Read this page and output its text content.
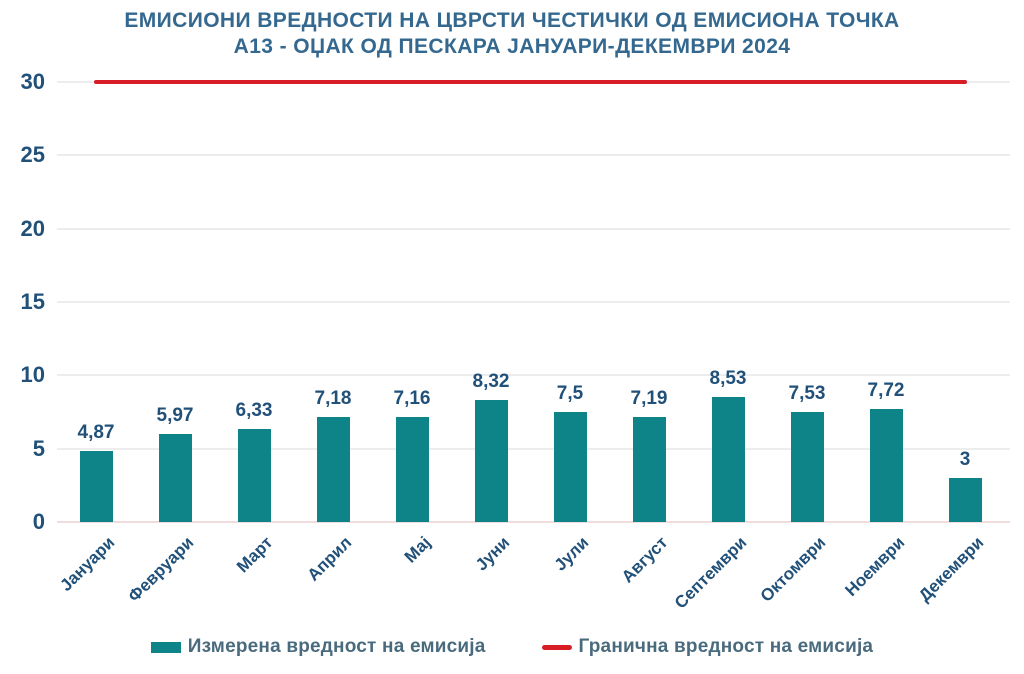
ЕМИСИОНИ ВРЕДНОСТИ НА ЦВРСТИ ЧЕСТИЧКИ ОД ЕМИСИОНА ТОЧКА
А13 - ОЏАК ОД ПЕСКАРА ЈАНУАРИ-ДЕКЕМВРИ 2024
4,87
5,97	6,33
7,18	7,16
8,32
7,5	7,19
8,53
7,53	7,72
3
Јануари Февруари	Март	Април	Мај	Јуни	Јули	Август Септември Октомври Ноември Декември
Измерена вредност на емисија	Гранична вредност на емисија
0
5
10
15
20
25
30
